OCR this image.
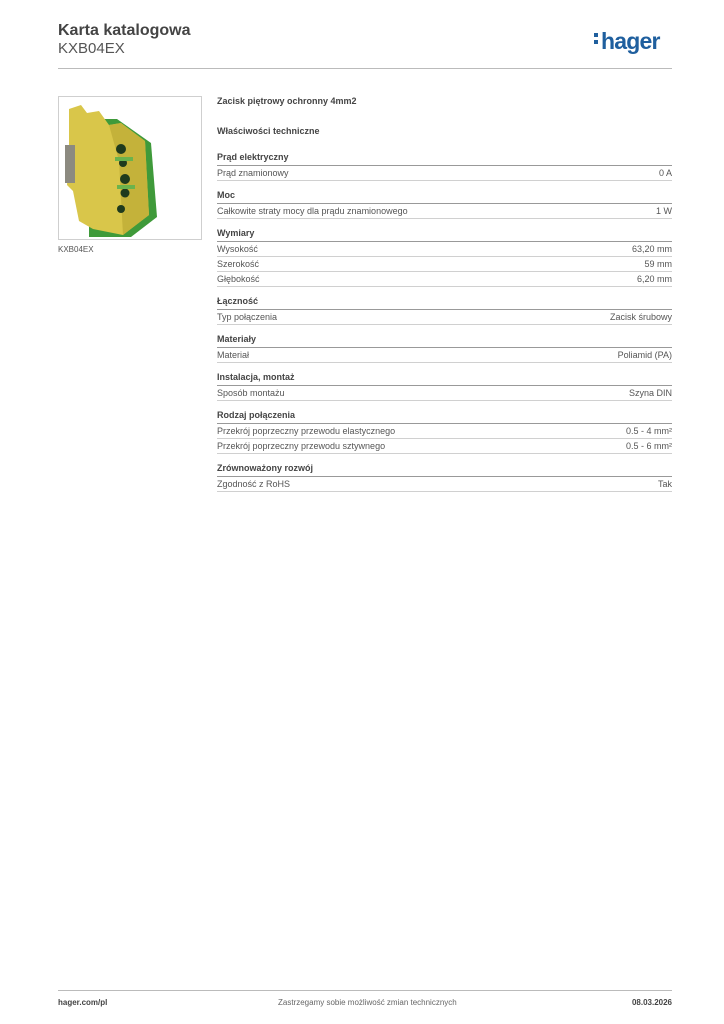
Karta katalogowa
KXB04EX	hager
KXB04EX
Zacisk piętrowy ochronny 4mm2
Właściwości techniczne
Prąd elektryczny
Prąd znamionowy	0 A
Moc
Całkowite straty mocy dla prądu znamionowego	1 W
Wymiary
Wysokość	63,20 mm
Szerokość	59 mm
Głębokość	6,20 mm
Łączność
Typ połączenia	Zacisk śrubowy
Materiały
Materiał	Poliamid (PA)
Instalacja, montaż
Sposób montażu	Szyna DIN
Rodzaj połączenia
Przekrój poprzeczny przewodu elastycznego	0.5 - 4 mm²
Przekrój poprzeczny przewodu sztywnego	0.5 - 6 mm²
Zrównoważony rozwój
Zgodność z RoHS	Tak
hager.com/pl	Zastrzegamy sobie możliwość zmian technicznych	08.03.2026
